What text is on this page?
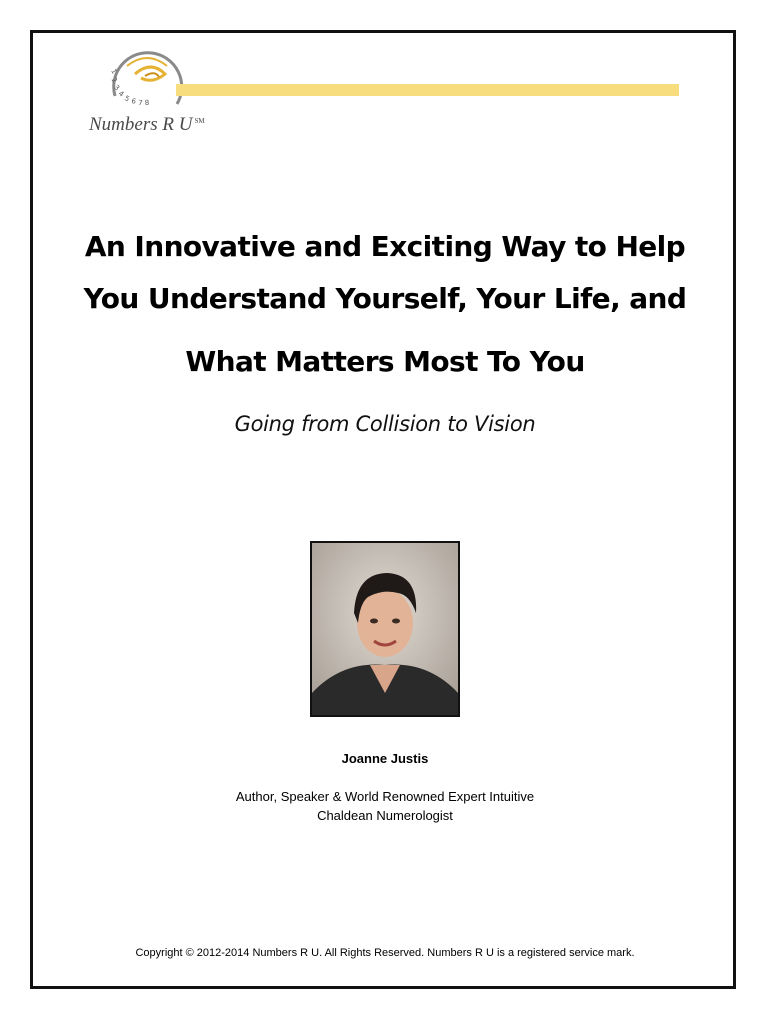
1
2
3
4
5 6 7 8
Numbers R U ℠
An Innovative and Exciting Way to Help
You Understand Yourself, Your Life, and
What Matters Most To You
Going from Collision to Vision
Joanne Justis
Author, Speaker & World Renowned Expert Intuitive
Chaldean Numerologist
Copyright © 2012-2014 Numbers R U. All Rights Reserved. Numbers R U is a registered service mark.
